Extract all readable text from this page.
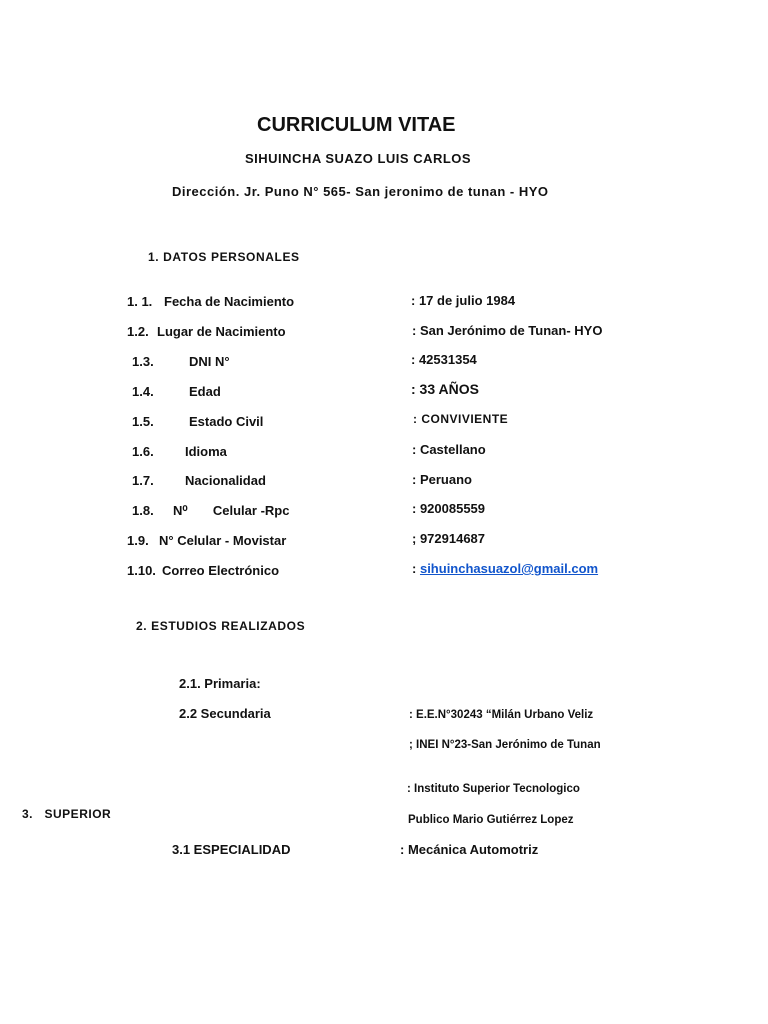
CURRICULUM VITAE
SIHUINCHA SUAZO LUIS CARLOS
Dirección. Jr. Puno N° 565- San jeronimo de tunan - HYO
1. DATOS PERSONALES
1. 1. Fecha de Nacimiento	: 17 de julio 1984
1.2. Lugar de Nacimiento	: San Jerónimo de Tunan- HYO
1.3.	DNI N°	: 42531354
1.4.	Edad	: 33 AÑOS
1.5.	Estado Civil	: CONVIVIENTE
1.6. Idioma	: Castellano
1.7. Nacionalidad	: Peruano
1.8. N⁰       Celular -Rpc	: 920085559
1.9. N° Celular - Movistar	; 972914687
1.10. Correo Electrónico	: sihuinchasuazol@gmail.com
2. ESTUDIOS REALIZADOS
2.1. Primaria:
2.2 Secundaria	: E.E.N°30243 “Milán Urbano Veliz
; INEI N°23-San Jerónimo de Tunan
3.   SUPERIOR
: Instituto Superior Tecnologico
Publico Mario Gutiérrez Lopez
3.1 ESPECIALIDAD	: Mecánica Automotriz
